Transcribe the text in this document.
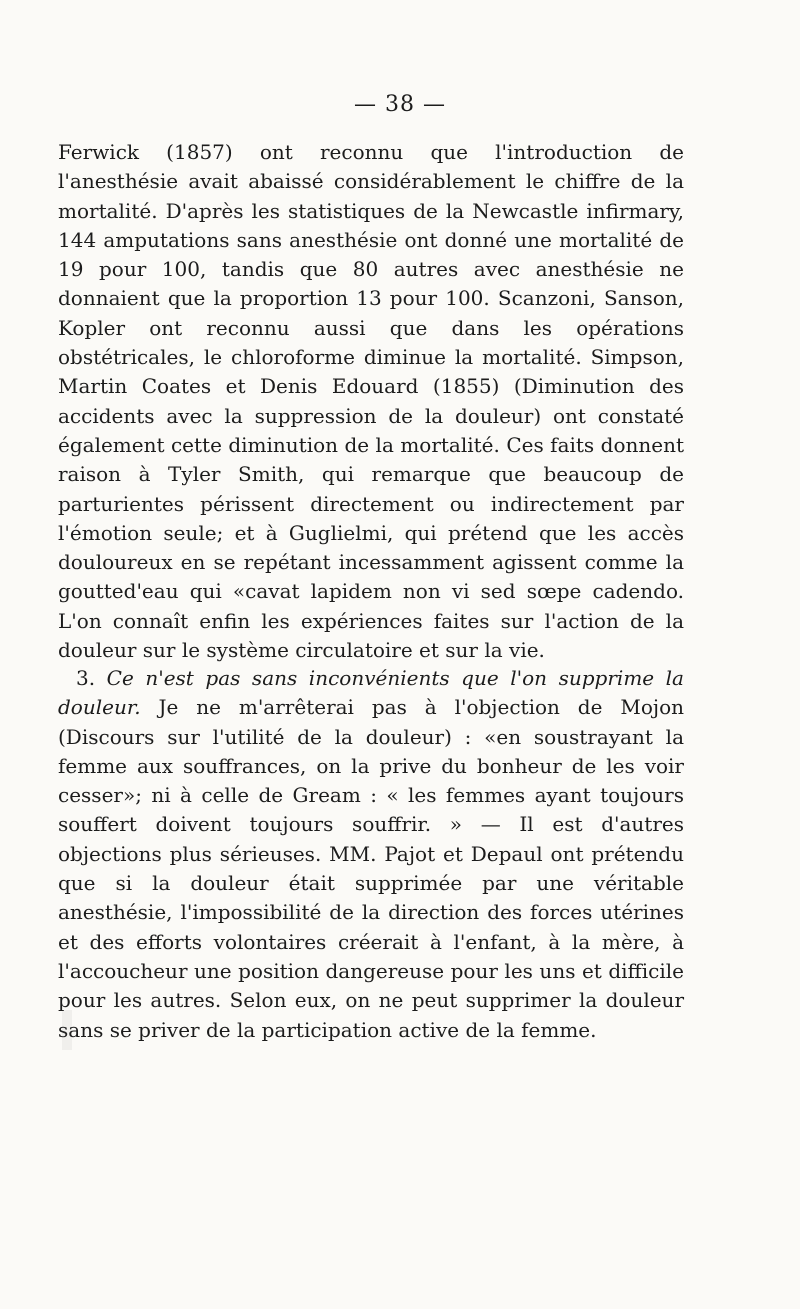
— 38 —

Ferwick (1857) ont reconnu que l'introduction de l'anesthésie avait abaissé considérablement le chiffre de la mortalité. D'après les statistiques de la Newcastle infirmary, 144 amputations sans anesthésie ont donné une mortalité de 19 pour 100, tandis que 80 autres avec anesthésie ne donnaient que la proportion 13 pour 100. Scanzoni, Sanson, Kopler ont reconnu aussi que dans les opérations obstétricales, le chloroforme diminue la mortalité. Simpson, Martin Coates et Denis Edouard (1855) (Diminution des accidents avec la suppression de la douleur) ont constaté également cette diminution de la mortalité. Ces faits donnent raison à Tyler Smith, qui remarque que beaucoup de parturientes périssent directement ou indirectement par l'émotion seule; et à Guglielmi, qui prétend que les accès douloureux en se repétant incessamment agissent comme la goutted'eau qui «cavat lapidem non vi sed sœpe cadendo. L'on connaît enfin les expériences faites sur l'action de la douleur sur le système circulatoire et sur la vie.

3. Ce n'est pas sans inconvénients que l'on supprime la douleur. Je ne m'arrêterai pas à l'objection de Mojon (Discours sur l'utilité de la douleur) : «en soustrayant la femme aux souffrances, on la prive du bonheur de les voir cesser»; ni à celle de Gream : « les femmes ayant toujours souffert doivent toujours souffrir. » — Il est d'autres objections plus sérieuses. MM. Pajot et Depaul ont prétendu que si la douleur était supprimée par une véritable anesthésie, l'impossibilité de la direction des forces utérines et des efforts volontaires créerait à l'enfant, à la mère, à l'accoucheur une position dangereuse pour les uns et difficile pour les autres. Selon eux, on ne peut supprimer la douleur sans se priver de la participation active de la femme.
